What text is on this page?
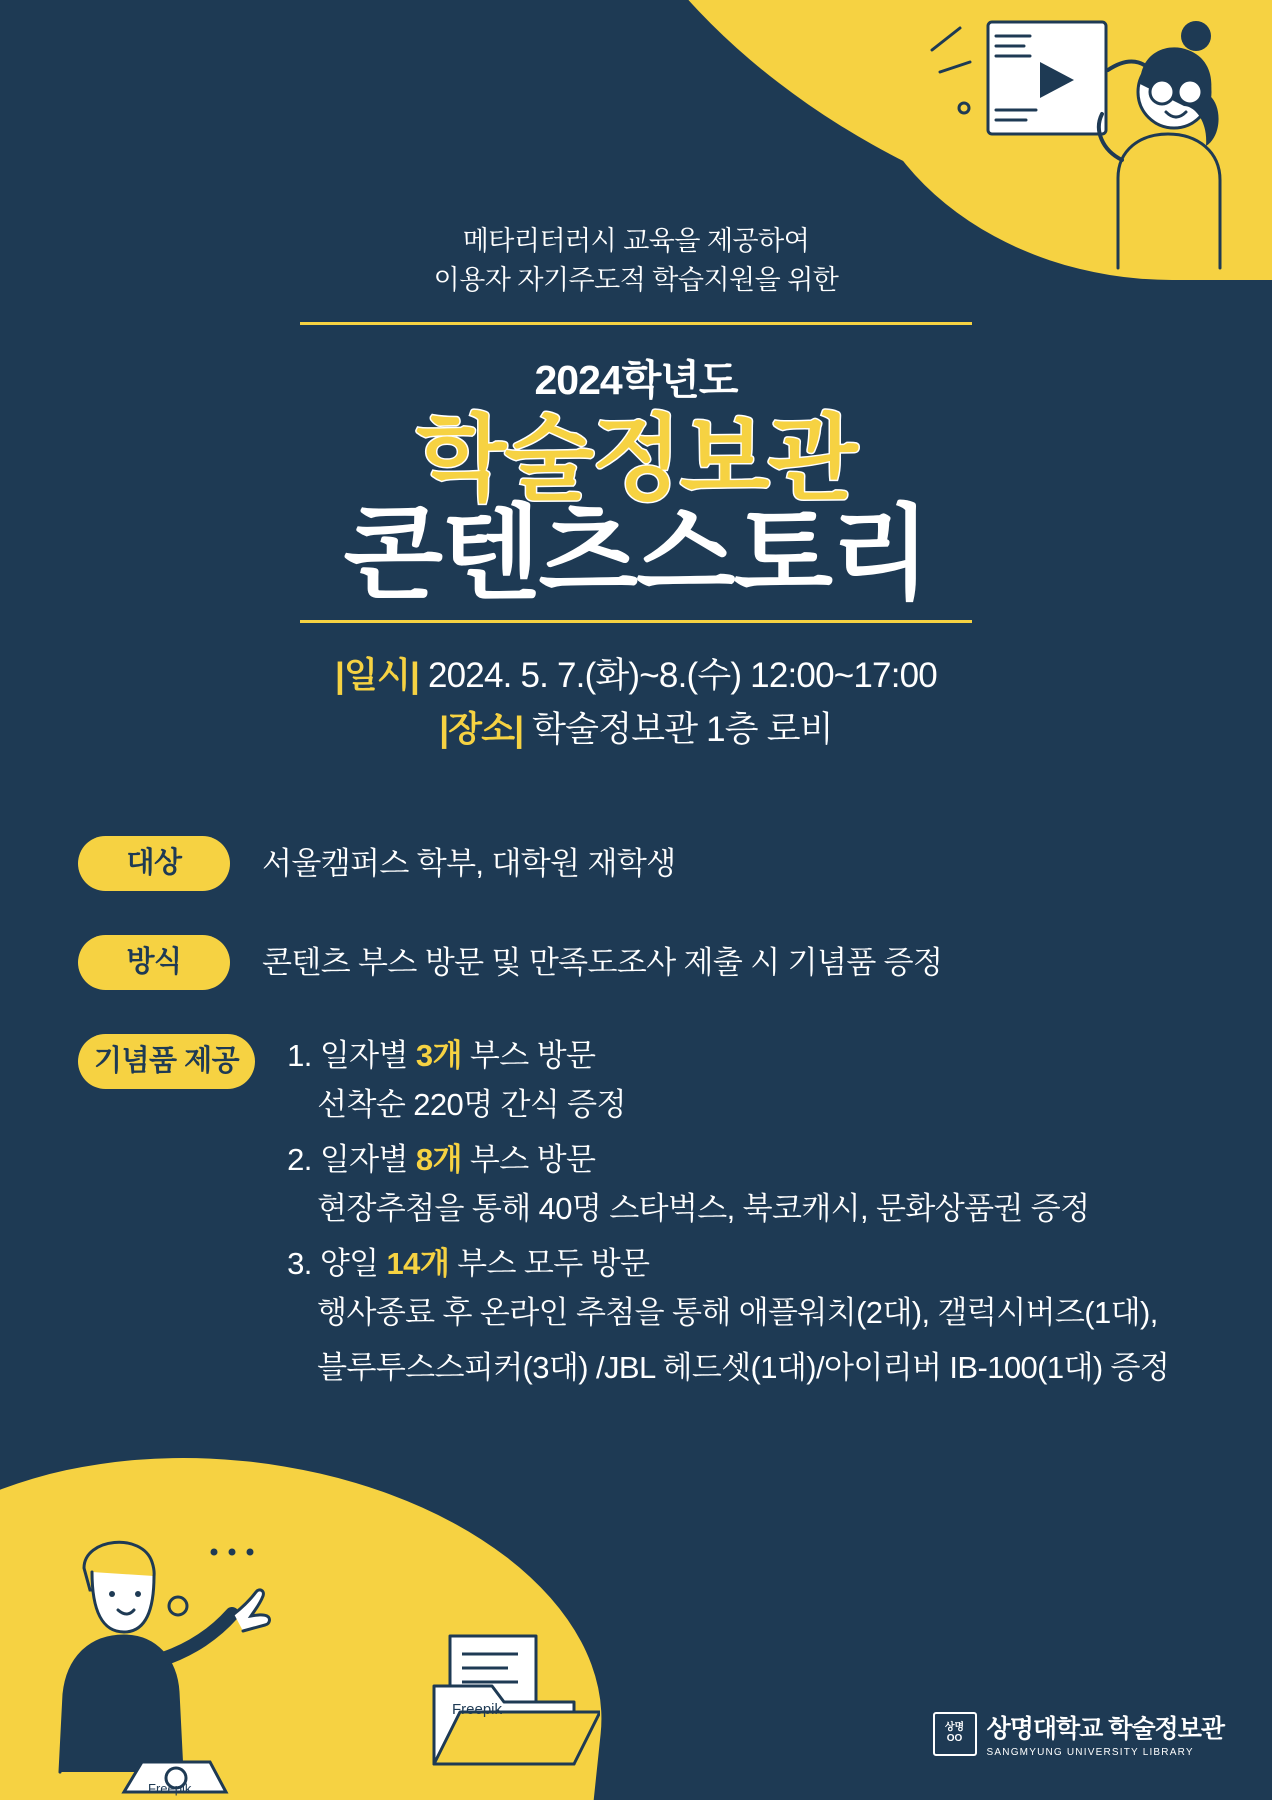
메타리터러시 교육을 제공하여
이용자 자기주도적 학습지원을 위한
2024학년도
학술정보관
콘텐츠스토리
|일시| 2024. 5. 7.(화)~8.(수) 12:00~17:00
|장소| 학술정보관 1층 로비
대상	서울캠퍼스 학부, 대학원 재학생
방식	콘텐츠 부스 방문 및 만족도조사 제출 시 기념품 증정
기념품 제공	1. 일자별 3개 부스 방문
선착순 220명 간식 증정
2. 일자별 8개 부스 방문
현장추첨을 통해 40명 스타벅스, 북코캐시, 문화상품권 증정
3. 양일 14개 부스 모두 방문
행사종료 후 온라인 추첨을 통해 애플워치(2대), 갤럭시버즈(1대),
블루투스스피커(3대) /JBL 헤드셋(1대)/아이리버 IB-100(1대) 증정
Freepik
Freepik
상명
OO 상명대학교 학술정보관
SANGMYUNG UNIVERSITY LIBRARY
